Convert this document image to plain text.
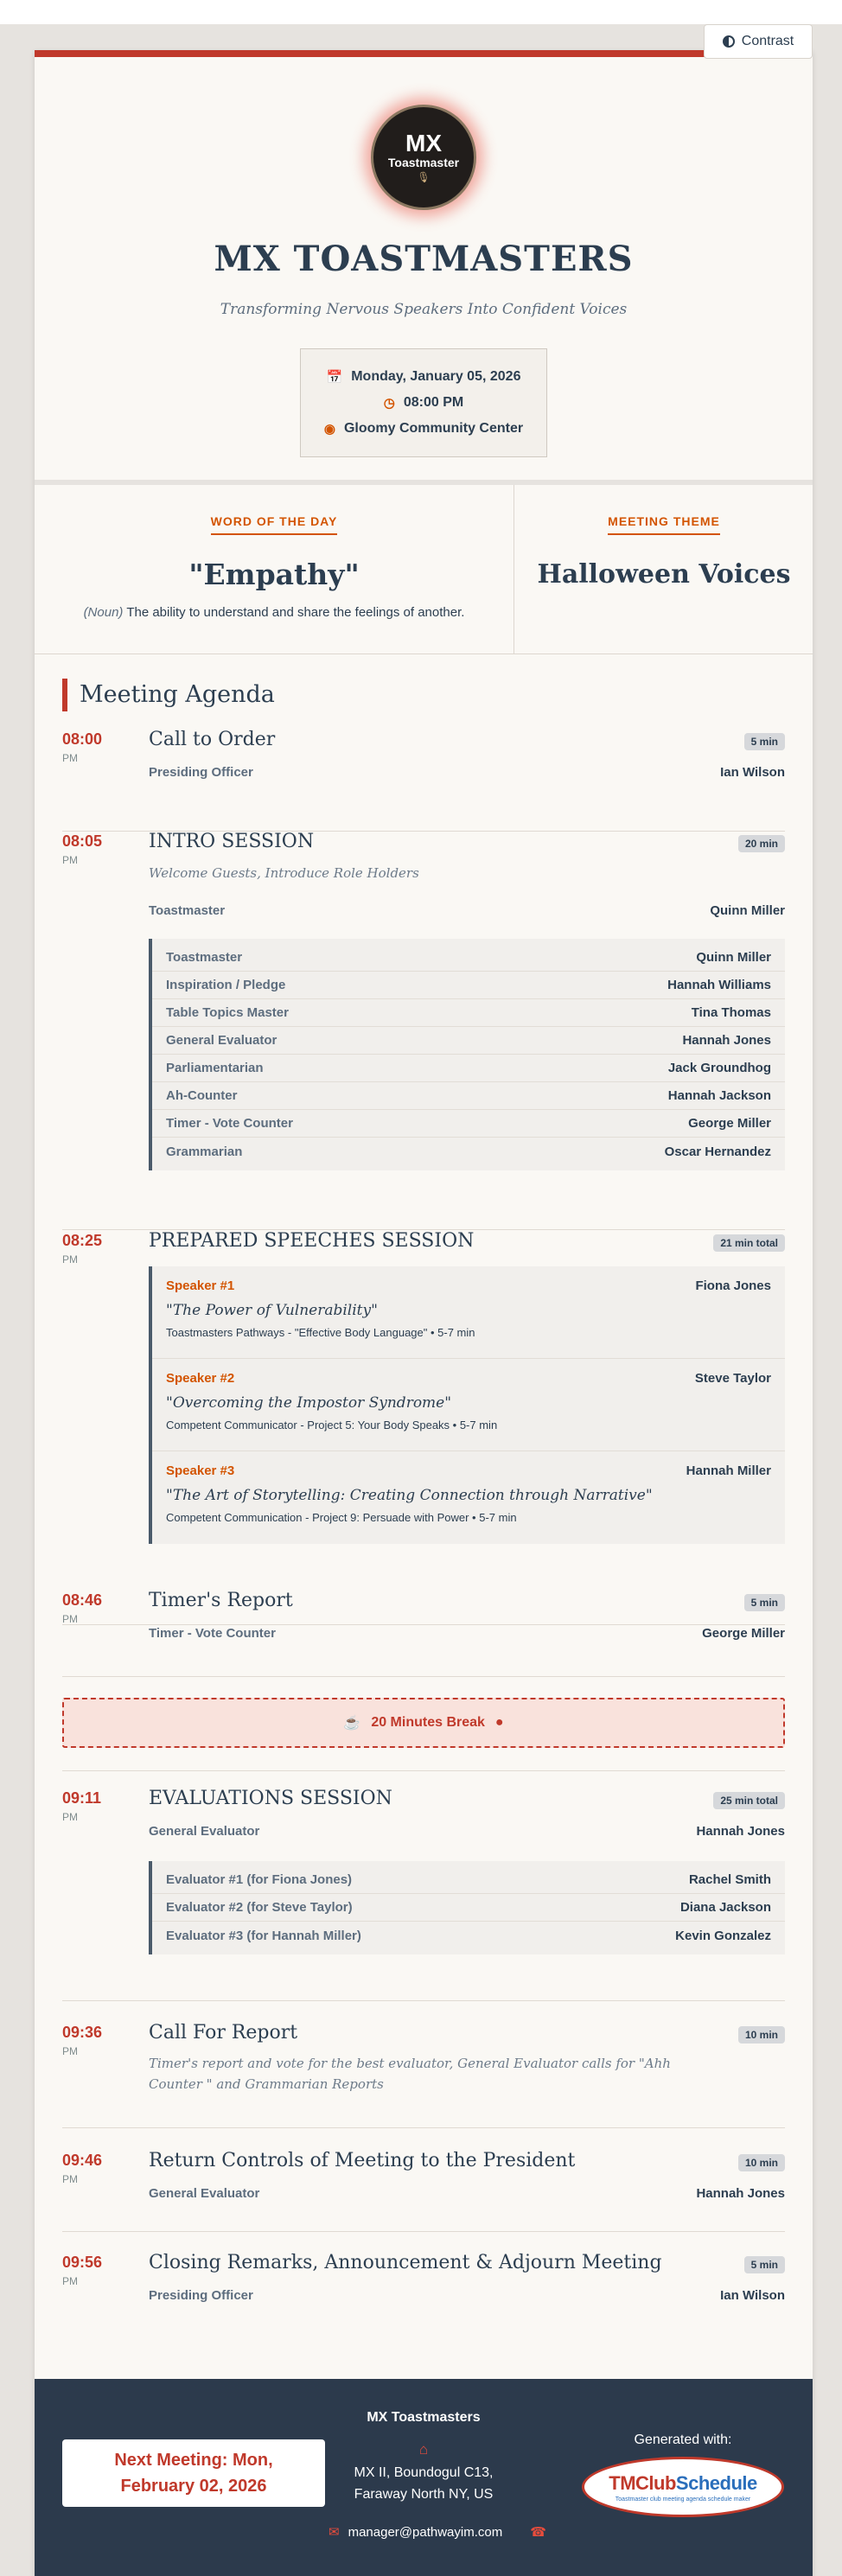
Contrast
MX
Toastmaster
🎙
MX TOASTMASTERS
Transforming Nervous Speakers Into Confident Voices
📅 Monday, January 05, 2026
◷ 08:00 PM
◉ Gloomy Community Center
WORD OF THE DAY
"Empathy"
(Noun) The ability to understand and share the feelings of another.
MEETING THEME
Halloween Voices
Meeting Agenda
08:00
PM
Call to Order	5 min
Presiding Officer	Ian Wilson
08:05
PM
INTRO SESSION	20 min
Welcome Guests, Introduce Role Holders
Toastmaster	Quinn Miller
Toastmaster	Quinn Miller
Inspiration / Pledge	Hannah Williams
Table Topics Master	Tina Thomas
General Evaluator	Hannah Jones
Parliamentarian	Jack Groundhog
Ah-Counter	Hannah Jackson
Timer - Vote Counter	George Miller
Grammarian	Oscar Hernandez
08:25
PM
PREPARED SPEECHES SESSION	21 min total
Speaker #1	Fiona Jones
"The Power of Vulnerability"
Toastmasters Pathways - "Effective Body Language" • 5-7 min
Speaker #2	Steve Taylor
"Overcoming the Impostor Syndrome"
Competent Communicator - Project 5: Your Body Speaks • 5-7 min
Speaker #3	Hannah Miller
"The Art of Storytelling: Creating Connection through Narrative"
Competent Communication - Project 9: Persuade with Power • 5-7 min
08:46
PM
Timer's Report	5 min
Timer - Vote Counter	George Miller
☕ 20 Minutes Break ●
09:11
PM
EVALUATIONS SESSION	25 min total
General Evaluator	Hannah Jones
Evaluator #1 (for Fiona Jones)	Rachel Smith
Evaluator #2 (for Steve Taylor)	Diana Jackson
Evaluator #3 (for Hannah Miller)	Kevin Gonzalez
09:36
PM
Call For Report	10 min
Timer's report and vote for the best evaluator, General Evaluator calls for "Ahh Counter " and Grammarian Reports
09:46
PM
Return Controls of Meeting to the President	10 min
General Evaluator	Hannah Jones
09:56
PM
Closing Remarks, Announcement & Adjourn Meeting	5 min
Presiding Officer	Ian Wilson
Next Meeting: Mon, February 02, 2026
MX Toastmasters
⌂
MX II, Boundogul C13, Faraway North NY, US
✉ manager@pathwayim.com ☎
Generated with:
TMClubSchedule
Toastmaster club meeting agenda schedule maker
